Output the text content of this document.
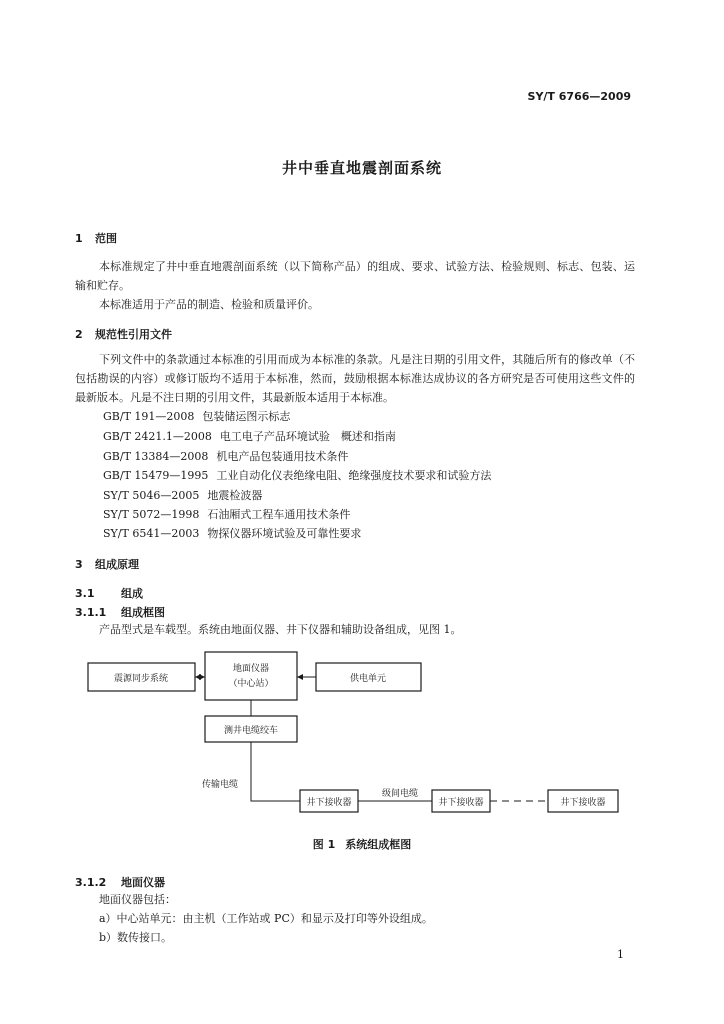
SY/T 6766—2009
井中垂直地震剖面系统
1 范围
本标准规定了井中垂直地震剖面系统（以下简称产品）的组成、要求、试验方法、检验规则、标志、包装、运输和贮存。
本标准适用于产品的制造、检验和质量评价。
2 规范性引用文件
下列文件中的条款通过本标准的引用而成为本标准的条款。凡是注日期的引用文件，其随后所有的修改单（不包括勘误的内容）或修订版均不适用于本标准，然而，鼓励根据本标准达成协议的各方研究是否可使用这些文件的最新版本。凡是不注日期的引用文件，其最新版本适用于本标准。
GB/T 191—2008 包装储运图示标志
GB/T 2421.1—2008 电工电子产品环境试验　概述和指南
GB/T 13384—2008 机电产品包装通用技术条件
GB/T 15479—1995 工业自动化仪表绝缘电阻、绝缘强度技术要求和试验方法
SY/T 5046—2005 地震检波器
SY/T 5072—1998 石油厢式工程车通用技术条件
SY/T 6541—2003 物探仪器环境试验及可靠性要求
3 组成原理
3.1 组成
3.1.1 组成框图
产品型式是车载型。系统由地面仪器、井下仪器和辅助设备组成，见图 1。
震源同步系统
地面仪器
（中心站）	供电单元
测井电缆绞车
井下接收器	井下接收器	井下接收器
传输电缆
级间电缆
图 1 系统组成框图
3.1.2 地面仪器
地面仪器包括：
a）中心站单元：由主机（工作站或 PC）和显示及打印等外设组成。
b）数传接口。
1
